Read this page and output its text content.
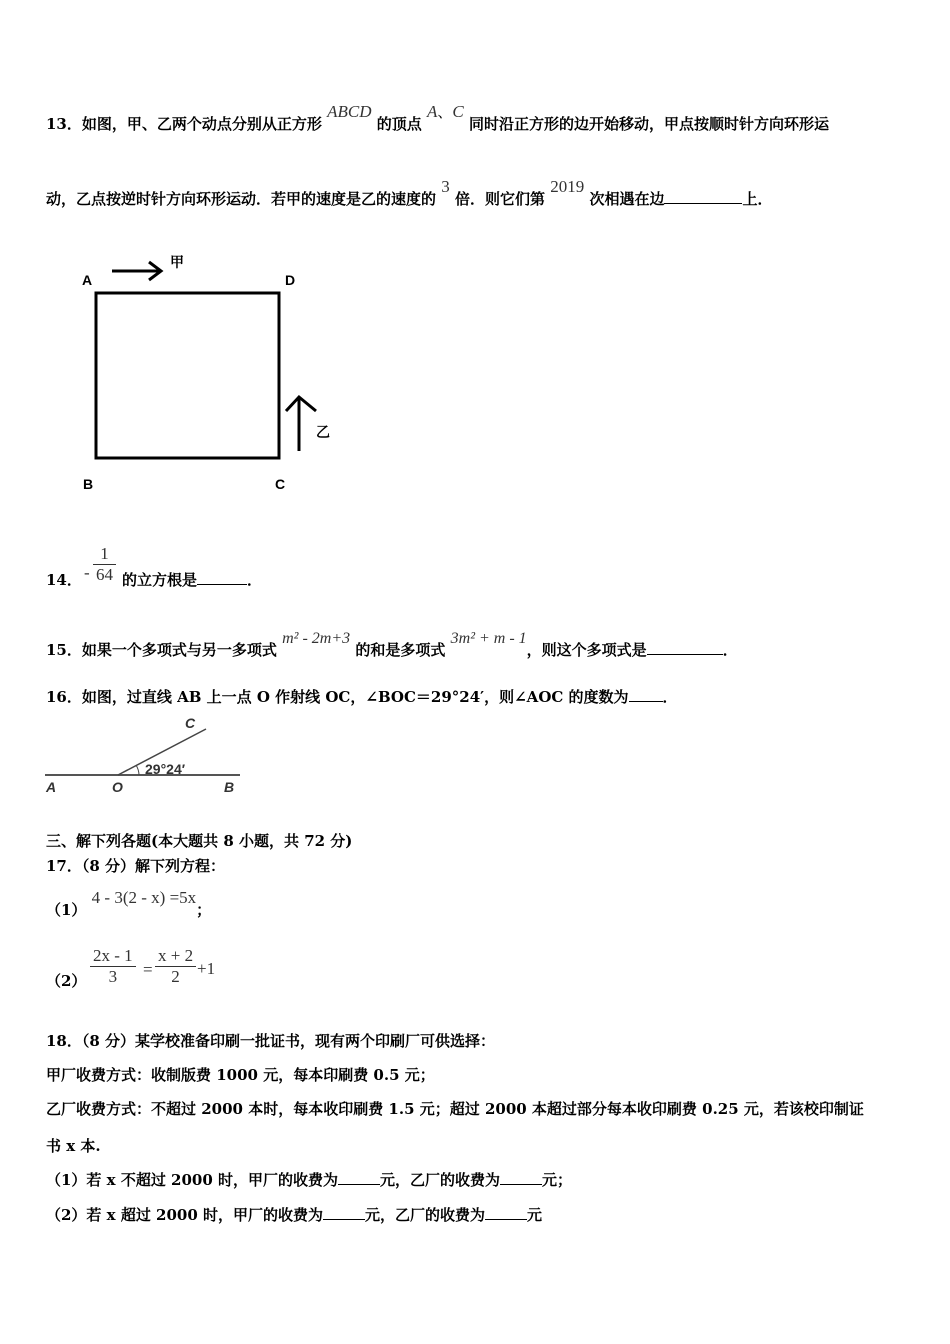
13．如图，甲、乙两个动点分别从正方形 ABCD 的顶点 A、C 同时沿正方形的边开始移动，甲点按顺时针方向环形运
动，乙点按逆时针方向环形运动．若甲的速度是乙的速度的 3 倍．则它们第 2019 次相遇在边	上．
A	D
B	C
甲
乙
14． - $\frac{1}{64}$ 的立方根是	．
15．如果一个多项式与另一多项式 m² - 2m+3 的和是多项式 3m² + m - 1，则这个多项式是	．
16．如图，过直线 AB 上一点 O 作射线 OC，∠BOC＝29°24′，则∠AOC 的度数为 ．
C
A	O	B
29°24′
三、解下列各题(本大题共 8 小题，共 72 分)
17．（8 分）解下列方程：
（1） 4 - 3(2 - x) =5x；
$(2) \frac{2x - 1}{3} = \frac{x + 2}{2} +1$
18．（8 分）某学校准备印刷一批证书，现有两个印刷厂可供选择：
甲厂收费方式：收制版费 1000 元，每本印刷费 0.5 元；
乙厂收费方式：不超过 2000 本时，每本收印刷费 1.5 元；超过 2000 本超过部分每本收印刷费 0.25 元，若该校印制证
书 x 本.
（1）若 x 不超过 2000 时，甲厂的收费为	元，乙厂的收费为	元；
（2）若 x 超过 2000 时，甲厂的收费为	元，乙厂的收费为	元
